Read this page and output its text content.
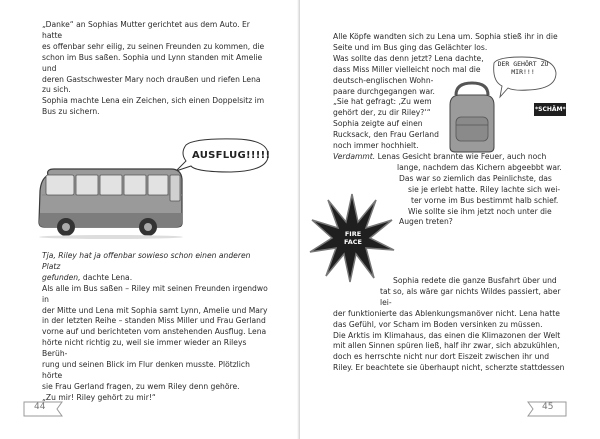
„Danke“ an Sophias Mutter gerichtet aus dem Auto. Er hatte

es offenbar sehr eilig, zu seinen Freunden zu kommen, die

schon im Bus saßen. Sophia und Lynn standen mit Amelie und

deren Gastschwester Mary noch draußen und riefen Lena

zu sich.

Sophia machte Lena ein Zeichen, sich einen Doppelsitz im

Bus zu sichern.

AUSFLUG!!!!!

Tja, Riley hat ja offenbar sowieso schon einen anderen Platz

gefunden, dachte Lena.

Als alle im Bus saßen – Riley mit seinen Freunden irgendwo in

der Mitte und Lena mit Sophia samt Lynn, Amelie und Mary

in der letzten Reihe – standen Miss Miller und Frau Gerland

vorne auf und berichteten vom anstehenden Ausflug. Lena

hörte nicht richtig zu, weil sie immer wieder an Rileys Berüh-

rung und seinen Blick im Flur denken musste. Plötzlich hörte

sie Frau Gerland fragen, zu wem Riley denn gehöre.

„Zu mir! Riley gehört zu mir!“

44

Alle Köpfe wandten sich zu Lena um. Sophia stieß ihr in die

Seite und im Bus ging das Gelächter los.

Was sollte das denn jetzt? Lena dachte,

dass Miss Miller vielleicht noch mal die

deutsch-englischen Wohn-

paare durchgegangen war.

„Sie hat gefragt: ‚Zu wem

gehört der, zu dir Riley?‘“

Sophia zeigte auf einen

Rucksack, den Frau Gerland

noch immer hochhielt.

DER GEHÖRT ZU MIR!!!
*SCHÄM*

Verdammt. Lenas Gesicht brannte wie Feuer, auch noch

lange, nachdem das Kichern abgeebbt war.

Das war so ziemlich das Peinlichste, das

sie je erlebt hatte. Riley lachte sich wei-

ter vorne im Bus bestimmt halb schief.

Wie sollte sie ihm jetzt noch unter die

Augen treten?

FIRE FACE

Sophia redete die ganze Busfahrt über und

tat so, als wäre gar nichts Wildes passiert, aber lei-

der funktionierte das Ablenkungsmanöver nicht. Lena hatte

das Gefühl, vor Scham im Boden versinken zu müssen.

Die Arktis im Klimahaus, das einen die Klimazonen der Welt

mit allen Sinnen spüren ließ, half ihr zwar, sich abzukühlen,

doch es herrschte nicht nur dort Eiszeit zwischen ihr und

Riley. Er beachtete sie überhaupt nicht, scherzte stattdessen

45
